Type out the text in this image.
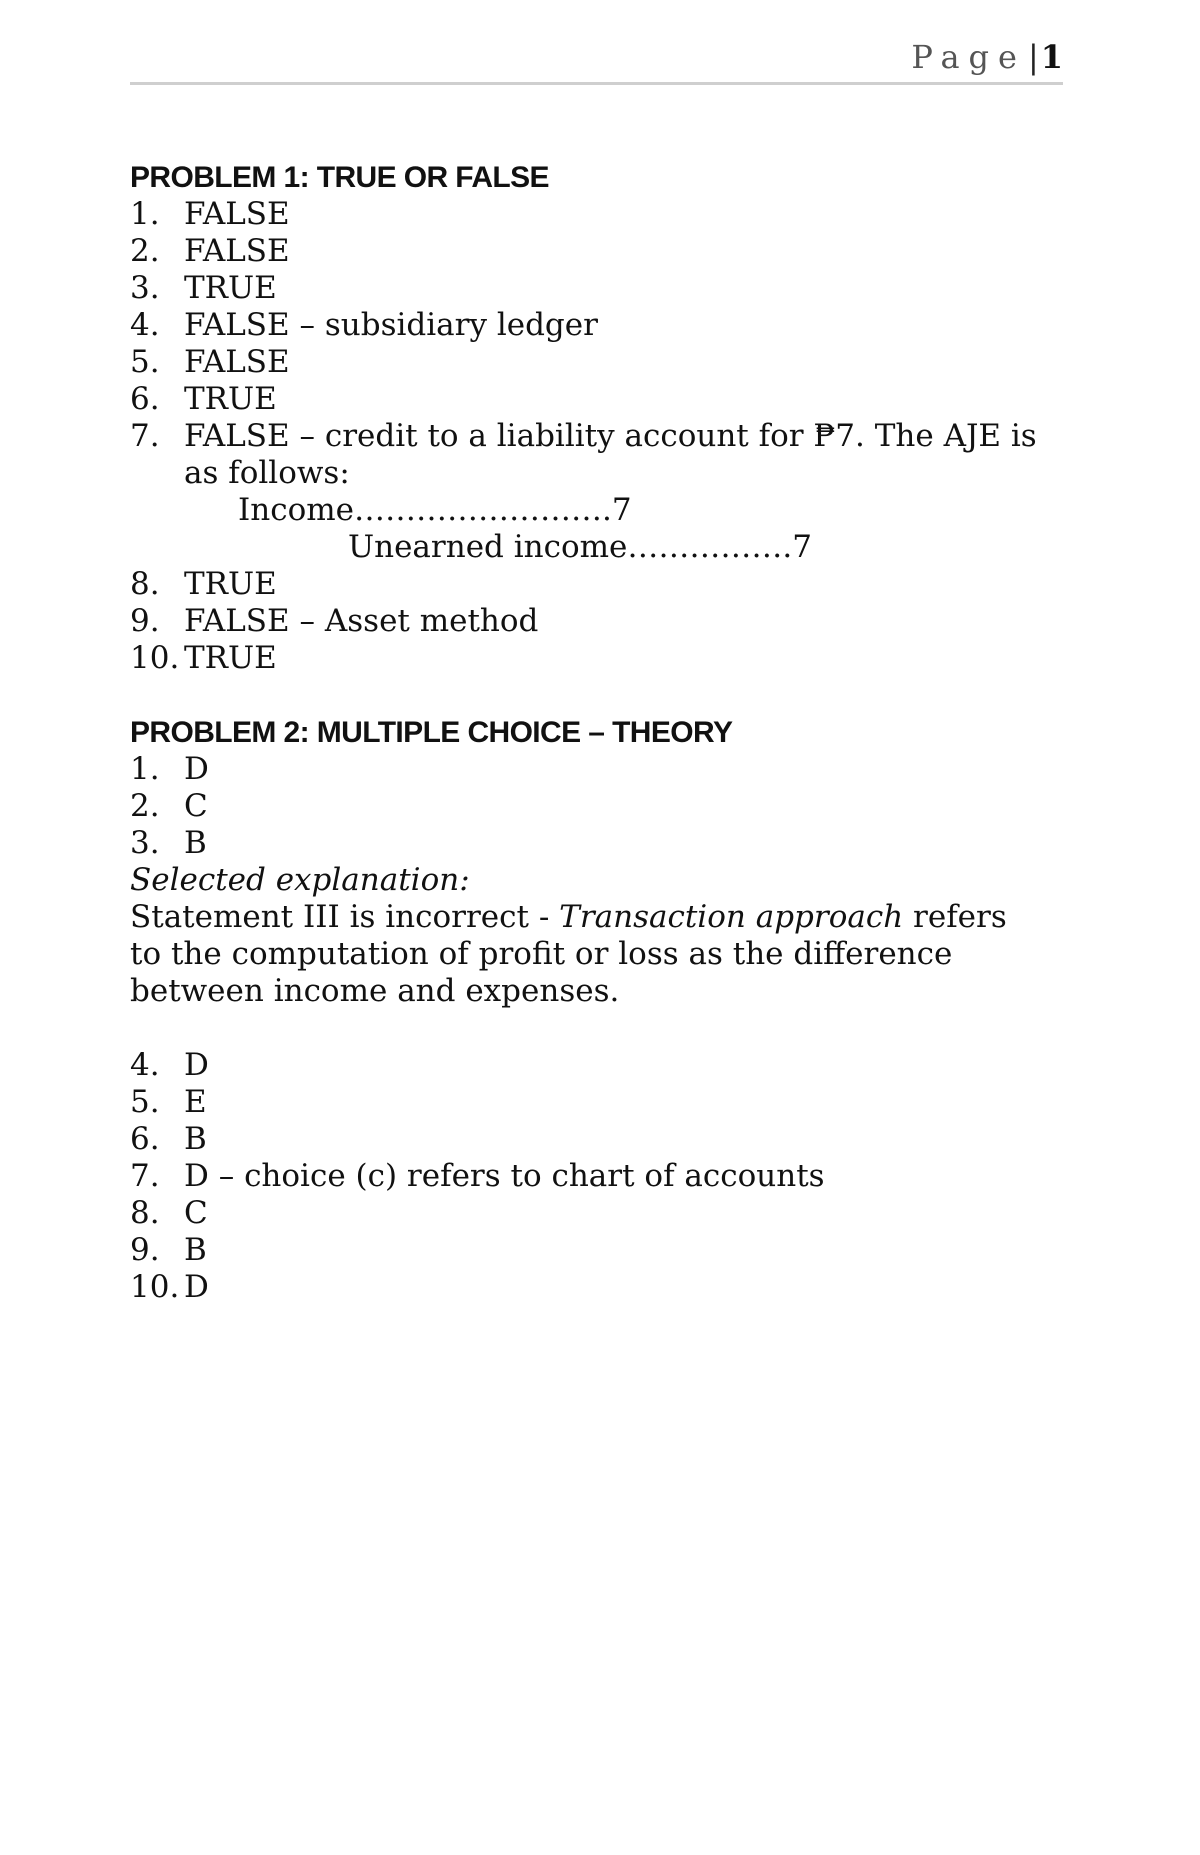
Page | 1
PROBLEM 1: TRUE OR FALSE
1. FALSE
2. FALSE
3. TRUE
4. FALSE – subsidiary ledger
5. FALSE
6. TRUE
7. FALSE – credit to a liability account for ₱7. The AJE is
as follows:
Income…………………….7
Unearned income…………….7
8. TRUE
9. FALSE – Asset method
10. TRUE
PROBLEM 2: MULTIPLE CHOICE – THEORY
1. D
2. C
3. B
Selected explanation:
Statement III is incorrect - Transaction approach refers
to the computation of profit or loss as the difference
between income and expenses.
4. D
5. E
6. B
7. D – choice (c) refers to chart of accounts
8. C
9. B
10. D
